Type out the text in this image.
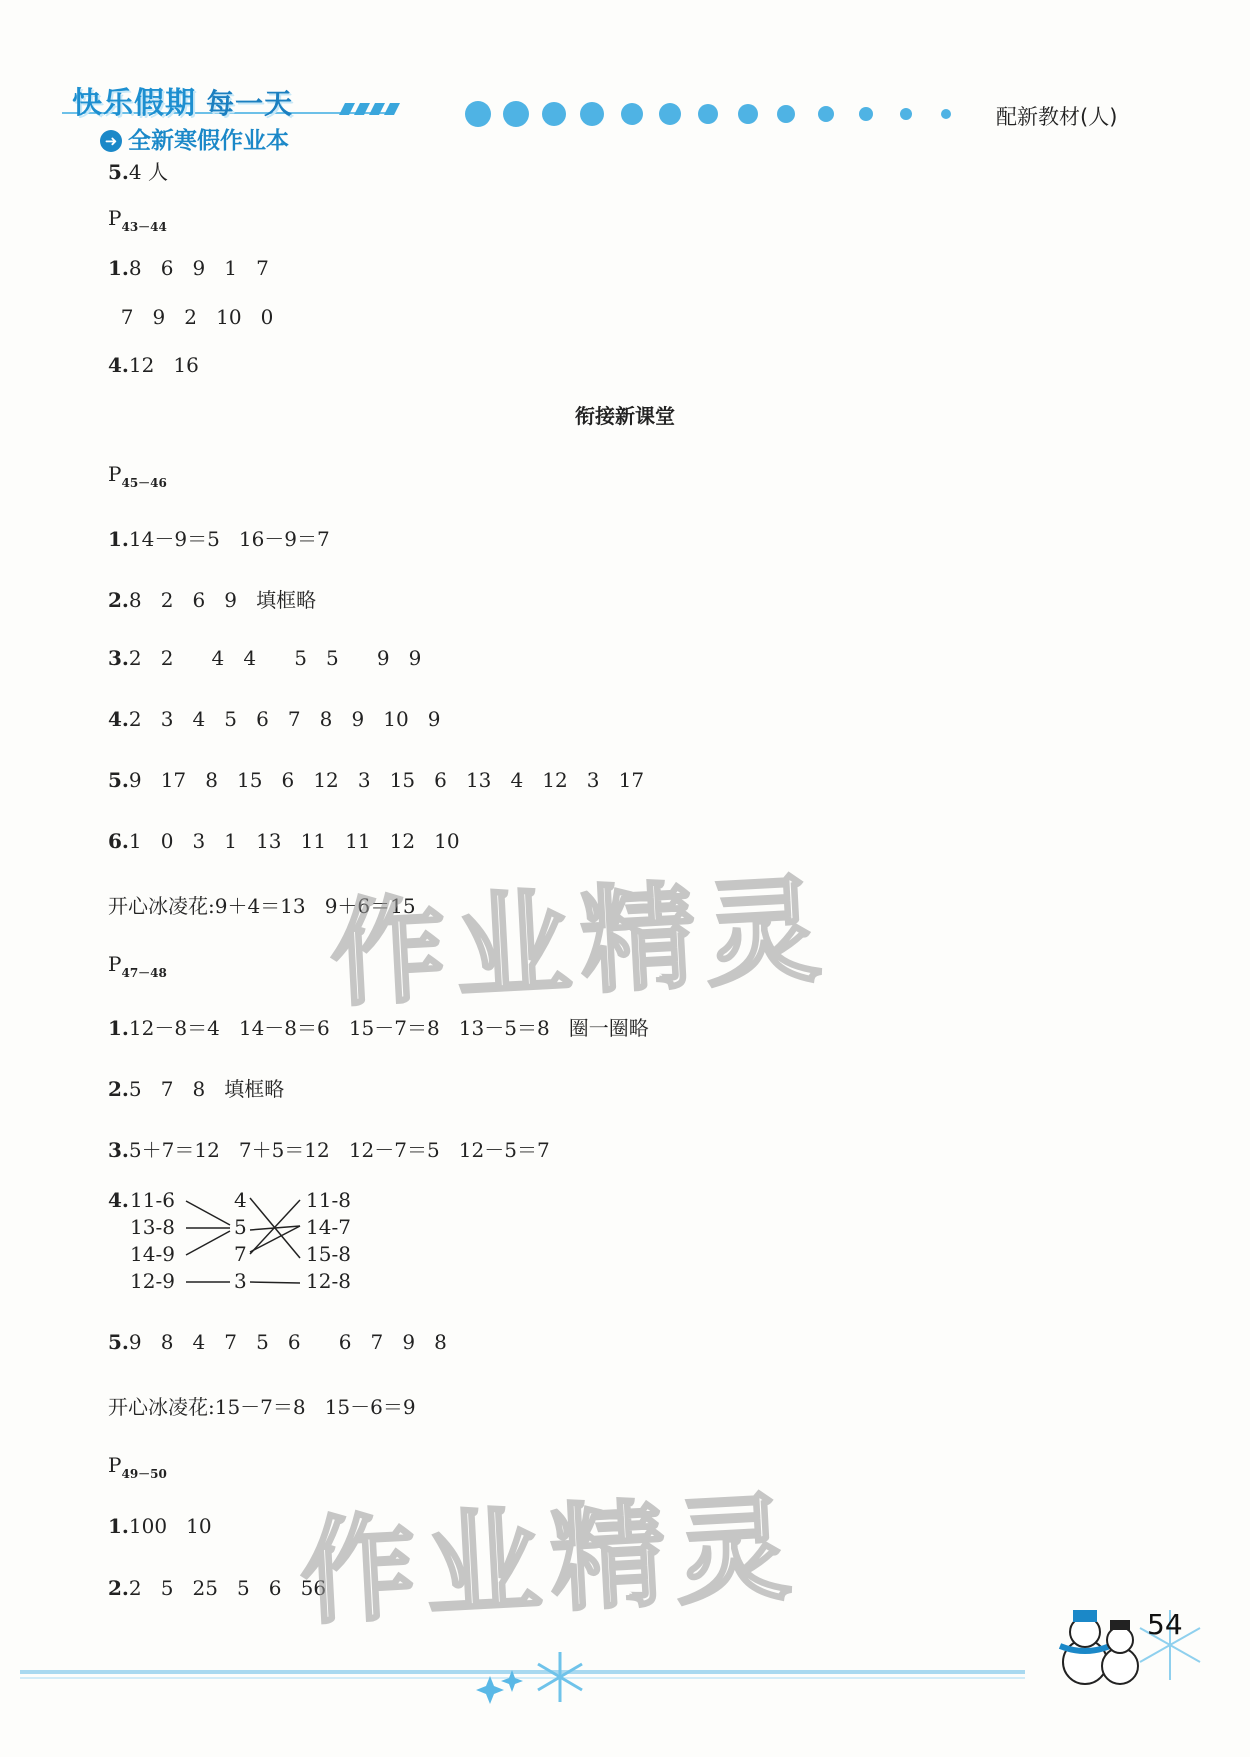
快乐假期 每一天
➜ 全新寒假作业本
配新教材(人)
5.4 人
$P_{43-44}$
1.8   6   9   1   7
7   9   2   10   0
4.12   16
衔接新课堂
$P_{45-46}$
1.14－9＝5   16－9＝7
2.8   2   6   9   填框略
3.2   2      4   4      5   5      9   9
4.2   3   4   5   6   7   8   9   10   9
5.9   17   8   15   6   12   3   15   6   13   4   12   3   17
6.1   0   3   1   13   11   11   12   10
开心冰凌花:9＋4＝13   9＋6＝15
$P_{47-48}$
1.12－8＝4   14－8＝6   15－7＝8   13－5＝8   圈一圈略
2.5   7   8   填框略
3.5＋7＝12   7＋5＝12   12－7＝5   12－5＝7
4. 11-6
13-8
14-9
12-9
4
5
7
3
11-8
14-7
15-8
12-8
5.9   8   4   7   5   6      6   7   9   8
开心冰凌花:15－7＝8   15－6＝9
$P_{49-50}$
1.100   10
2.2   5   25   5   6   56
作业精灵
作业精灵	54
